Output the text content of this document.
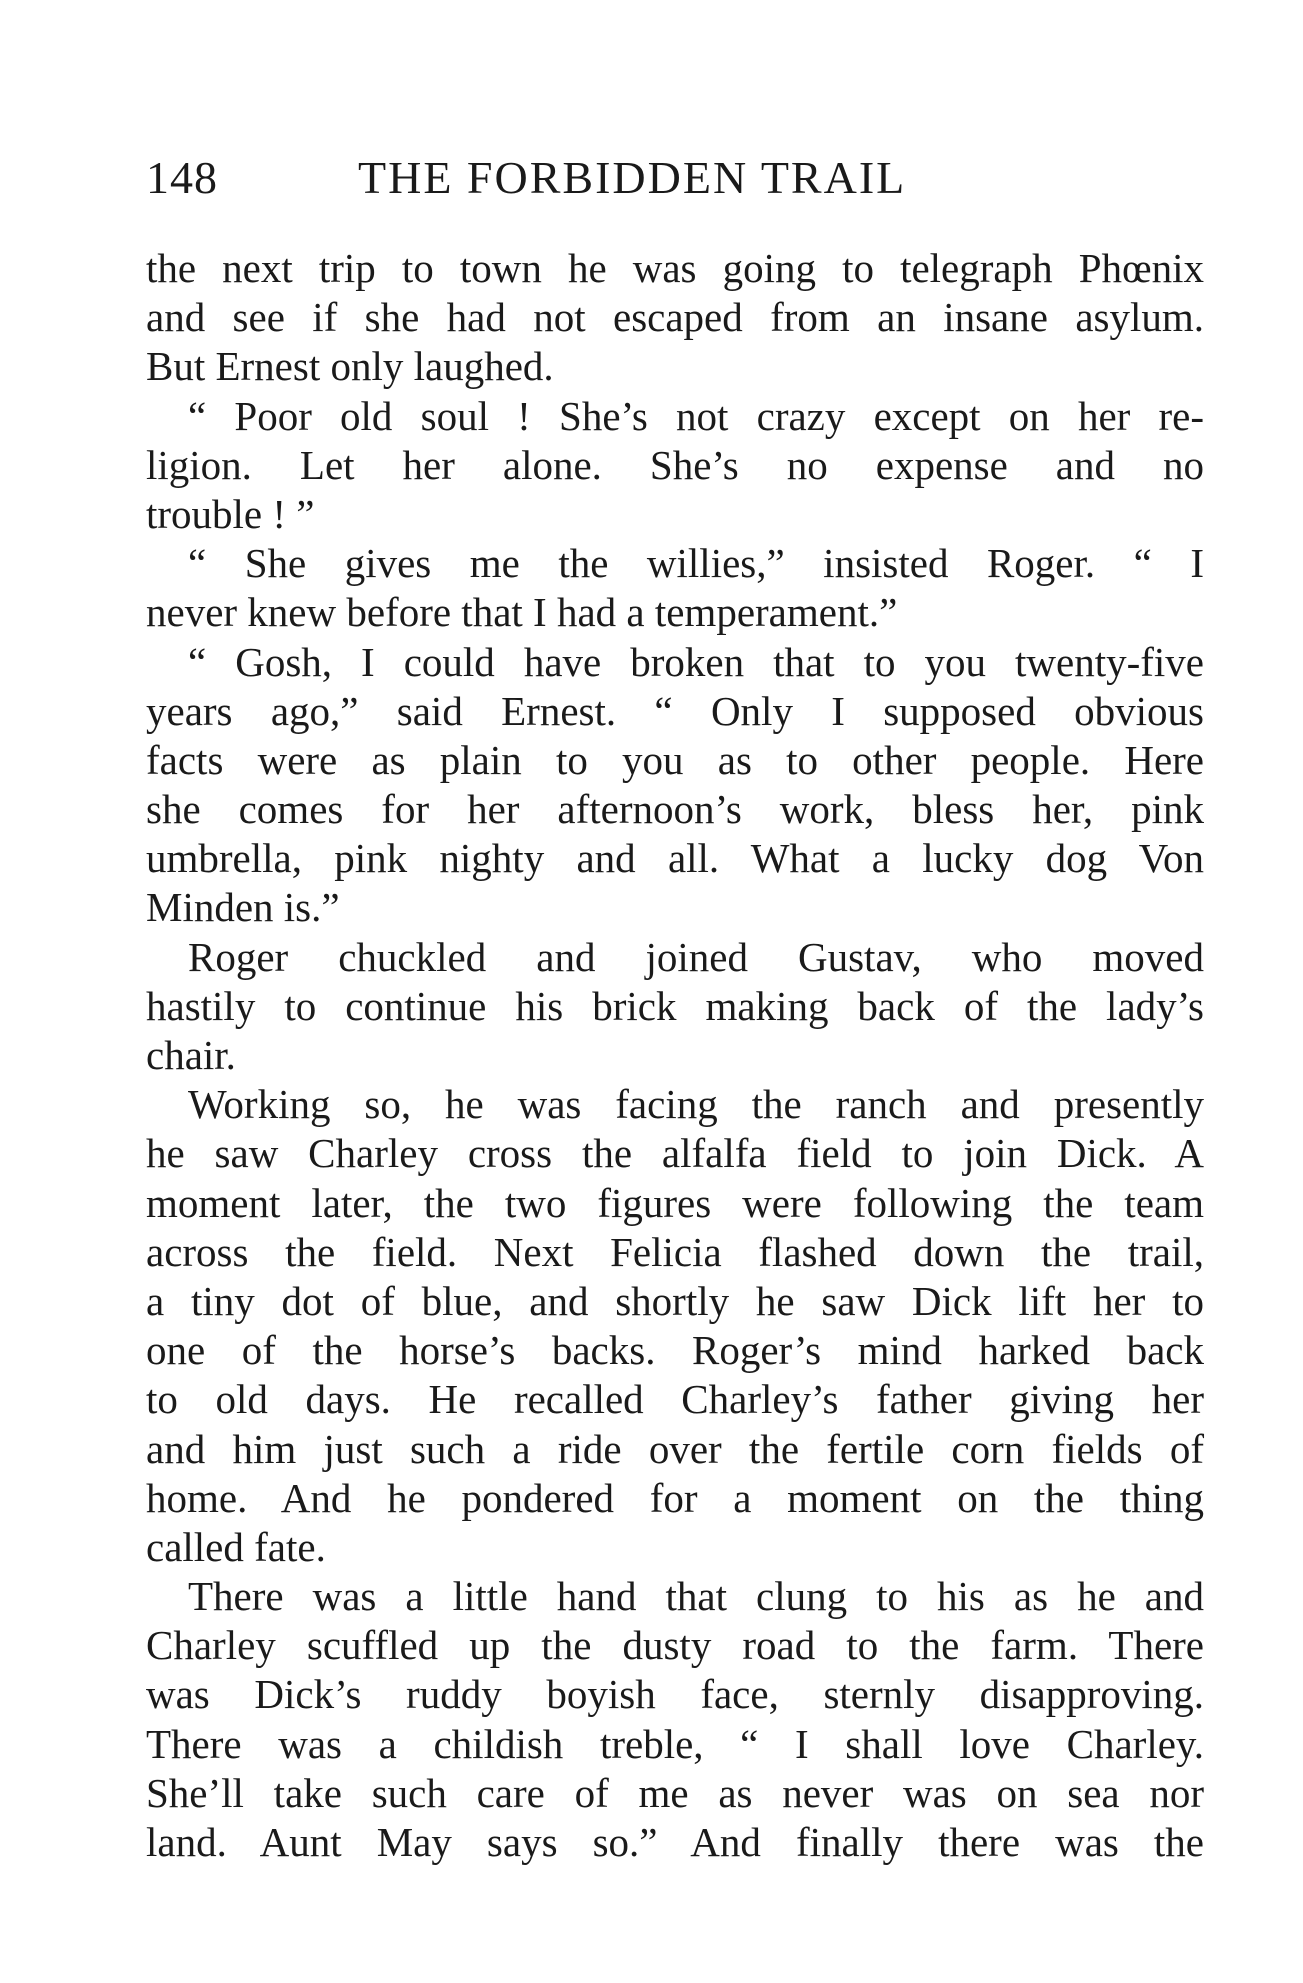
148	THE FORBIDDEN TRAIL
the next trip to town he was going to telegraph Phœnix
and see if she had not escaped from an insane asylum.
But Ernest only laughed.
“ Poor old soul ! She’s not crazy except on her re-
ligion. Let her alone. She’s no expense and no
trouble ! ”
“ She gives me the willies,” insisted Roger. “ I
never knew before that I had a temperament.”
“ Gosh, I could have broken that to you twenty-five
years ago,” said Ernest. “ Only I supposed obvious
facts were as plain to you as to other people. Here
she comes for her afternoon’s work, bless her, pink
umbrella, pink nighty and all. What a lucky dog Von
Minden is.”
Roger chuckled and joined Gustav, who moved
hastily to continue his brick making back of the lady’s
chair.
Working so, he was facing the ranch and presently
he saw Charley cross the alfalfa field to join Dick. A
moment later, the two figures were following the team
across the field. Next Felicia flashed down the trail,
a tiny dot of blue, and shortly he saw Dick lift her to
one of the horse’s backs. Roger’s mind harked back
to old days. He recalled Charley’s father giving her
and him just such a ride over the fertile corn fields of
home. And he pondered for a moment on the thing
called fate.
There was a little hand that clung to his as he and
Charley scuffled up the dusty road to the farm. There
was Dick’s ruddy boyish face, sternly disapproving.
There was a childish treble, “ I shall love Charley.
She’ll take such care of me as never was on sea nor
land. Aunt May says so.” And finally there was the
